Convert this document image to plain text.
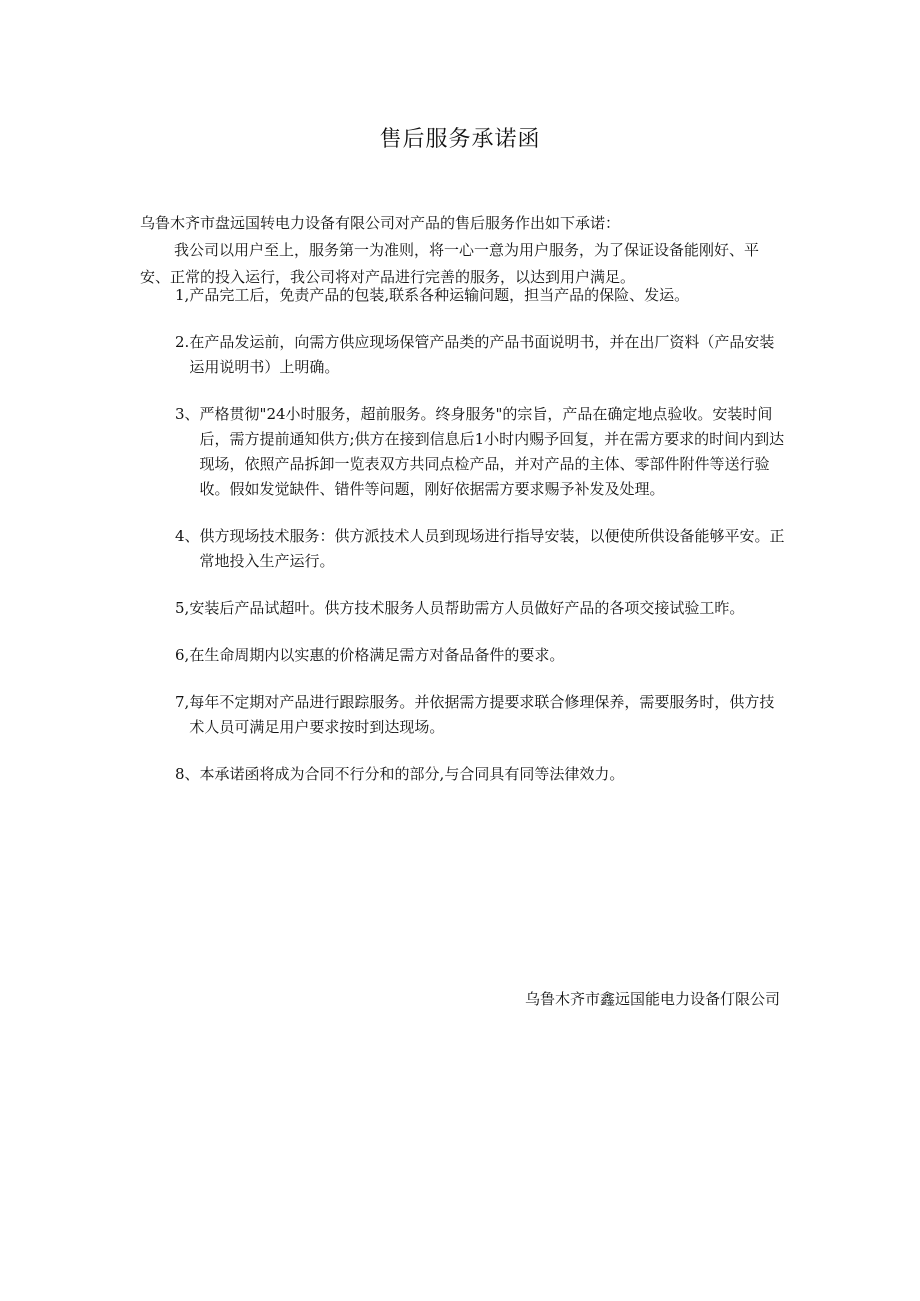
售后服务承诺函

乌鲁木齐市盘远国转电力设备有限公司对产品的售后服务作出如下承诺：

我公司以用户至上，服务第一为准则，将一心一意为用户服务，为了保证设备能刚好、平安、正常的投入运行，我公司将对产品进行完善的服务，以达到用户满足。

1, 产品完工后，免责产品的包装,联系各种运输问题，担当产品的保险、发运。
2. 在产品发运前，向需方供应现场保管产品类的产品书面说明书，并在出厂资料（产品安装运用说明书）上明确。
3、 严格贯彻"24小时服务，超前服务。终身服务"的宗旨，产品在确定地点验收。安装时间后，需方提前通知供方;供方在接到信息后1小时内赐予回复，并在需方要求的时间内到达现场，依照产品拆卸一览表双方共同点检产品，并对产品的主体、零部件附件等送行验收。假如发觉缺件、错件等问题，刚好依据需方要求赐予补发及处理。
4、 供方现场技术服务：供方派技术人员到现场进行指导安装，以便使所供设备能够平安。正常地投入生产运行。
5, 安装后产品试超叶。供方技术服务人员帮助需方人员做好产品的各项交接试验工昨。
6, 在生命周期内以实惠的价格满足需方对备品备件的要求。
7, 每年不定期对产品进行跟踪服务。并依据需方提要求联合修理保养，需要服务时，供方技术人员可满足用户要求按时到达现场。
8、 本承诺函将成为合同不行分和的部分,与合同具有同等法律效力。
乌鲁木齐市鑫远国能电力设备仃限公司
